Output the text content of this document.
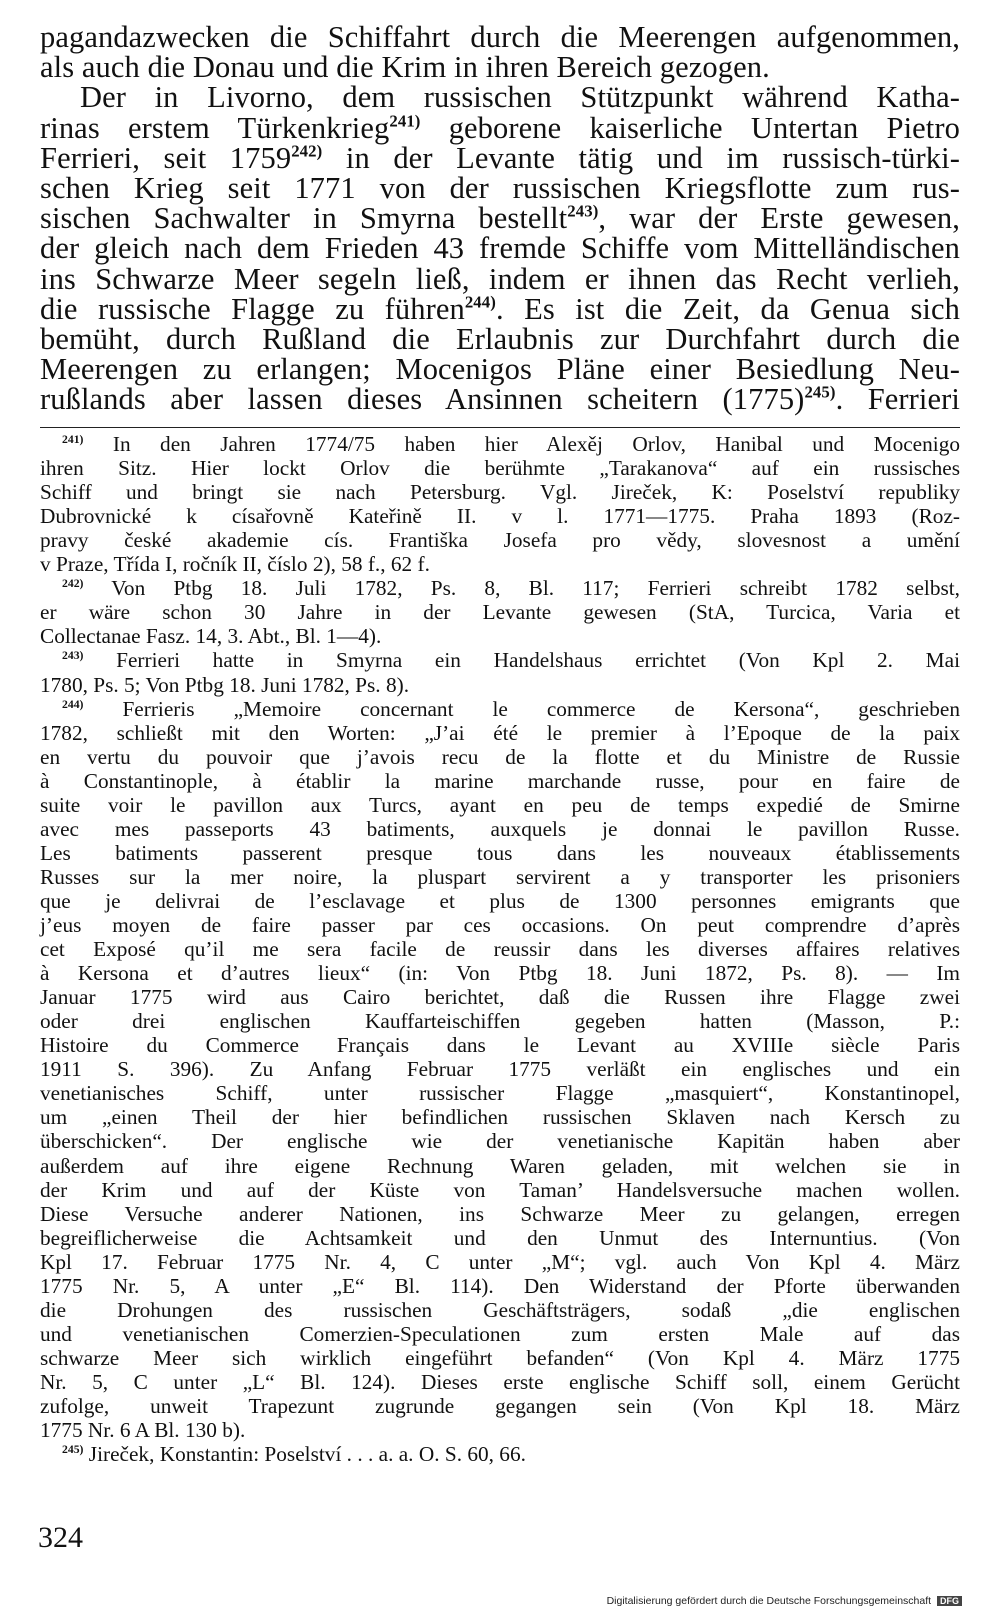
pagandazwecken die Schiffahrt durch die Meerengen aufgenommen,
als auch die Donau und die Krim in ihren Bereich gezogen.
Der in Livorno, dem russischen Stützpunkt während Katha-
rinas erstem Türkenkrieg$^{241)}$ geborene kaiserliche Untertan Pietro
Ferrieri, seit 1759$^{242)}$ in der Levante tätig und im russisch-türki-
schen Krieg seit 1771 von der russischen Kriegsflotte zum rus-
sischen Sachwalter in Smyrna bestellt$^{243)}$, war der Erste gewesen,
der gleich nach dem Frieden 43 fremde Schiffe vom Mittelländischen
ins Schwarze Meer segeln ließ, indem er ihnen das Recht verlieh,
die russische Flagge zu führen$^{244)}$. Es ist die Zeit, da Genua sich
bemüht, durch Rußland die Erlaubnis zur Durchfahrt durch die
Meerengen zu erlangen; Mocenigos Pläne einer Besiedlung Neu-
rußlands aber lassen dieses Ansinnen scheitern $(1775)^{245)}$. Ferrieri
$^{241)}$ In den Jahren 1774/75 haben hier Alexěj Orlov, Hanibal und Mocenigo
ihren Sitz. Hier lockt Orlov die berühmte „Tarakanova“ auf ein russisches
Schiff und bringt sie nach Petersburg. Vgl. Jireček, K: Poselství republiky
Dubrovnické k císařovně Kateřině II. v l. 1771—1775. Praha 1893 (Roz-
pravy české akademie cís. Františka Josefa pro vědy, slovesnost a umění
v Praze, Třída I, ročník II, číslo 2), 58 f., 62 f.
$^{242)}$ Von Ptbg 18. Juli 1782, Ps. 8, Bl. 117; Ferrieri schreibt 1782 selbst,
er wäre schon 30 Jahre in der Levante gewesen (StA, Turcica, Varia et
Collectanae Fasz. 14, 3. Abt., Bl. 1—4).
$^{243)}$ Ferrieri hatte in Smyrna ein Handelshaus errichtet (Von Kpl 2. Mai
1780, Ps. 5; Von Ptbg 18. Juni 1782, Ps. 8).
$^{244)}$ Ferrieris „Memoire concernant le commerce de Kersona“, geschrieben
1782, schließt mit den Worten: „J’ai été le premier à l’Epoque de la paix
en vertu du pouvoir que j’avois recu de la flotte et du Ministre de Russie
à Constantinople, à établir la marine marchande russe, pour en faire de
suite voir le pavillon aux Turcs, ayant en peu de temps expedié de Smirne
avec mes passeports 43 batiments, auxquels je donnai le pavillon Russe.
Les batiments passerent presque tous dans les nouveaux établissements
Russes sur la mer noire, la pluspart servirent a y transporter les prisoniers
que je delivrai de l’esclavage et plus de 1300 personnes emigrants que
j’eus moyen de faire passer par ces occasions. On peut comprendre d’après
cet Exposé qu’il me sera facile de reussir dans les diverses affaires relatives
à Kersona et d’autres lieux“ (in: Von Ptbg 18. Juni 1872, Ps. 8). — Im
Januar 1775 wird aus Cairo berichtet, daß die Russen ihre Flagge zwei
oder drei englischen Kauffarteischiffen gegeben hatten (Masson, P.:
Histoire du Commerce Français dans le Levant au XVIIIe siècle Paris
1911 S. 396). Zu Anfang Februar 1775 verläßt ein englisches und ein
venetianisches Schiff, unter russischer Flagge „masquiert“, Konstantinopel,
um „einen Theil der hier befindlichen russischen Sklaven nach Kersch zu
überschicken“. Der englische wie der venetianische Kapitän haben aber
außerdem auf ihre eigene Rechnung Waren geladen, mit welchen sie in
der Krim und auf der Küste von Taman’ Handelsversuche machen wollen.
Diese Versuche anderer Nationen, ins Schwarze Meer zu gelangen, erregen
begreiflicherweise die Achtsamkeit und den Unmut des Internuntius. (Von
Kpl 17. Februar 1775 Nr. 4, C unter „M“; vgl. auch Von Kpl 4. März
1775 Nr. 5, A unter „E“ Bl. 114). Den Widerstand der Pforte überwanden
die Drohungen des russischen Geschäftsträgers, sodaß „die englischen
und venetianischen Comerzien-Speculationen zum ersten Male auf das
schwarze Meer sich wirklich eingeführt befanden“ (Von Kpl 4. März 1775
Nr. 5, C unter „L“ Bl. 124). Dieses erste englische Schiff soll, einem Gerücht
zufolge, unweit Trapezunt zugrunde gegangen sein (Von Kpl 18. März
1775 Nr. 6 A Bl. 130 b).
$^{245)}$ Jireček, Konstantin: Poselství . . . a. a. O. S. 60, 66.
324
Digitalisierung gefördert durch die Deutsche Forschungsgemeinschaft DFG
